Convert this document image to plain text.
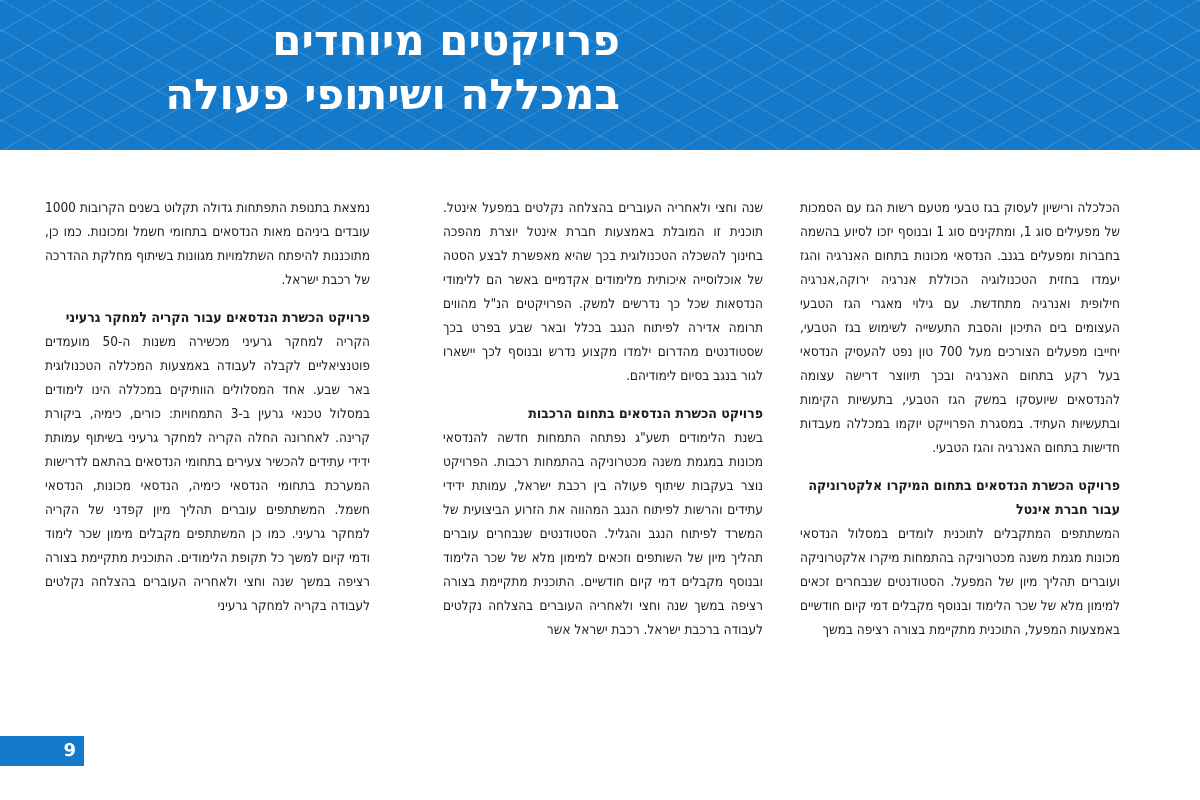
פרויקטים מיוחדים
במכללה ושיתופי פעולה

הכלכלה ורישיון לעסוק בגז טבעי מטעם רשות הגז עם הסמכות של מפעילים סוג 1, ומתקינים סוג 1 ובנוסף יזכו לסיוע בהשמה בחברות ומפעלים בגנב. הנדסאי מכונות בתחום האנרגיה והגז יעמדו בחזית הטכנולוגיה הכוללת אנרגיה ירוקה,אנרגיה חילופית ואנרגיה מתחדשת. עם גילוי מאגרי הגז הטבעי העצומים בים התיכון והסבת התעשייה לשימוש בגז הטבעי, יחייבו מפעלים הצורכים מעל 700 טון נפט להעסיק הנדסאי בעל רקע בתחום האנרגיה ובכך תיווצר דרישה עצומה להנדסאים שיועסקו במשק הגז הטבעי, בתעשיות הקימות ובתעשיות העתיד. במסגרת הפרוייקט יוקמו במכללה מעבדות חדישות בתחום האנרגיה והגז הטבעי.

פרויקט הכשרת הנדסאים בתחום המיקרו אלקטרוניקה עבור חברת אינטל

המשתתפים המתקבלים לתוכנית לומדים במסלול הנדסאי מכונות מגמת משנה מכטרוניקה בהתמחות מיקרו אלקטרוניקה ועוברים תהליך מיון של המפעל. הסטודנטים שנבחרים זכאים למימון מלא של שכר הלימוד ובנוסף מקבלים דמי קיום חודשיים באמצעות המפעל, התוכנית מתקיימת בצורה רציפה במשך

שנה וחצי ולאחריה העוברים בהצלחה נקלטים במפעל אינטל. תוכנית זו המובלת באמצעות חברת אינטל יוצרת מהפכה בחינוך להשכלה הטכנולוגית בכך שהיא מאפשרת לבצע הסטה של אוכלוסייה איכותית מלימודים אקדמיים באשר הם ללימודי הנדסאות שכל כך נדרשים למשק. הפרויקטים הנ"ל מהווים תרומה אדירה לפיתוח הנגב בכלל ובאר שבע בפרט בכך שסטודנטים מהדרום ילמדו מקצוע נדרש ובנוסף לכך יישארו לגור בנגב בסיום לימודיהם.

פרויקט הכשרת הנדסאים בתחום הרכבות

בשנת הלימודים תשע"ג נפתחה התמחות חדשה להנדסאי מכונות במגמת משנה מכטרוניקה בהתמחות רכבות. הפרויקט נוצר בעקבות שיתוף פעולה בין רכבת ישראל, עמותת ידידי עתידים והרשות לפיתוח הנגב המהווה את הזרוע הביצועית של המשרד לפיתוח הנגב והגליל. הסטודנטים שנבחרים עוברים תהליך מיון של השותפים וזכאים למימון מלא של שכר הלימוד ובנוסף מקבלים דמי קיום חודשיים. התוכנית מתקיימת בצורה רציפה במשך שנה וחצי ולאחריה העוברים בהצלחה נקלטים לעבודה ברכבת ישראל. רכבת ישראל אשר

נמצאת בתנופת התפתחות גדולה תקלוט בשנים הקרובות 1000 עובדים ביניהם מאות הנדסאים בתחומי חשמל ומכונות. כמו כן, מתוכננות להיפתח השתלמויות מגוונות בשיתוף מחלקת ההדרכה של רכבת ישראל.

פרויקט הכשרת הנדסאים עבור הקריה למחקר גרעיני

הקריה למחקר גרעיני מכשירה משנות ה-50 מועמדים פוטנציאליים לקבלה לעבודה באמצעות המכללה הטכנולוגית באר שבע. אחד המסלולים הוותיקים במכללה הינו לימודים במסלול טכנאי גרעין ב-3 התמחויות: כורים, כימיה, ביקורת קרינה. לאחרונה החלה הקריה למחקר גרעיני בשיתוף עמותת ידידי עתידים להכשיר צעירים בתחומי הנדסאים בהתאם לדרישות המערכת בתחומי הנדסאי כימיה, הנדסאי מכונות, הנדסאי חשמל. המשתתפים עוברים תהליך מיון קפדני של הקריה למחקר גרעיני. כמו כן המשתתפים מקבלים מימון שכר לימוד ודמי קיום למשך כל תקופת הלימודים. התוכנית מתקיימת בצורה רציפה במשך שנה וחצי ולאחריה העוברים בהצלחה נקלטים לעבודה בקריה למחקר גרעיני

9
